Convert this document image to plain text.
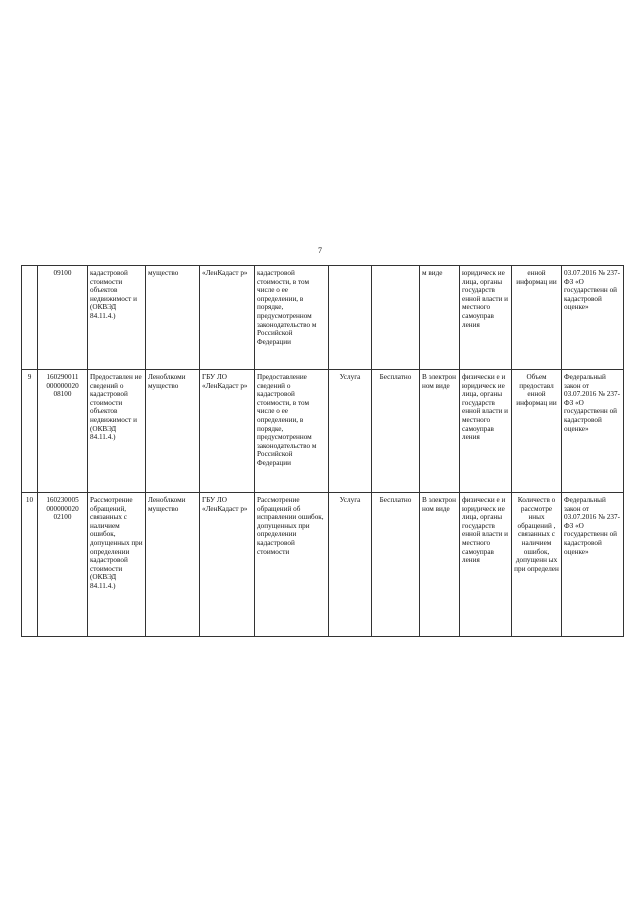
7
	09100	кадастровой стоимости объектов недвижимост и (ОКВЭД 84.11.4.)	мущество	«ЛенКадаст р»	кадастровой стоимости, в том числе о ее определении, в порядке, предусмотренном законодательство м Российской Федерации			м виде	юридическ ие лица, органы государств енной власти и местного самоуправ ления	енной информац ии	03.07.2016 № 237-ФЗ «О государственн ой кадастровой оценке»
9	160290011 000000020 08100	Предоставлен ие сведений о кадастровой стоимости объектов недвижимост и (ОКВЭД 84.11.4.)	Леноблкоми мущество	ГБУ ЛО «ЛенКадаст р»	Предоставление сведений о кадастровой стоимости, в том числе о ее определении, в порядке, предусмотренном законодательство м Российской Федерации	Услуга	Бесплатно	В электрон ном виде	физически е и юридическ ие лица, органы государств енной власти и местного самоуправ ления	Объем предоставл енной информац ии	Федеральный закон от 03.07.2016 № 237-ФЗ «О государственн ой кадастровой оценке»
10	160230005 000000020 02100	Рассмотрение обращений, связанных с наличием ошибок, допущенных при определении кадастровой стоимости (ОКВЭД 84.11.4.)	Леноблкоми мущество	ГБУ ЛО «ЛенКадаст р»	Рассмотрение обращений об исправлении ошибок, допущенных при определении кадастровой стоимости	Услуга	Бесплатно	В электрон ном виде	физически е и юридическ ие лица, органы государств енной власти и местного самоуправ ления	Количеств о рассмотре нных обращений , связанных с наличием ошибок, допущенн ых при определен	Федеральный закон от 03.07.2016 № 237-ФЗ «О государственн ой кадастровой оценке»
